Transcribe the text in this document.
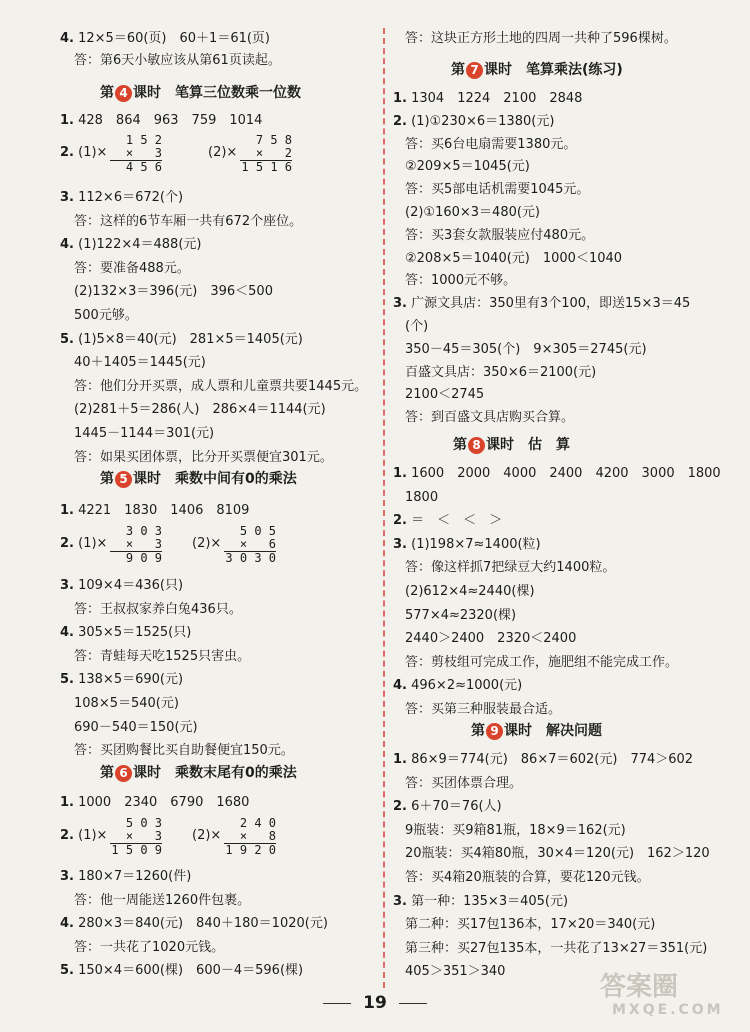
4. 12×5＝60(页)　60＋1＝61(页)
答：第6天小敏应该从第61页读起。
第 4 课时　笔算三位数乘一位数
1. 428　864　963　759　1014
2. (1)×
1 5 2
×   3
4 5 6
(2)×
7 5 8
×   2
1 5 1 6
3. 112×6＝672(个)
答：这样的6节车厢一共有672个座位。
4. (1)122×4＝488(元)
答：要准备488元。
(2)132×3＝396(元)　396＜500
500元够。
5. (1)5×8＝40(元)　281×5＝1405(元)
40＋1405＝1445(元)
答：他们分开买票，成人票和儿童票共要1445元。
(2)281＋5＝286(人)　286×4＝1144(元)
1445－1144＝301(元)
答：如果买团体票，比分开买票便宜301元。
第 5 课时　乘数中间有0的乘法
1. 4221　1830　1406　8109
2. (1)×
3 0 3
×   3
9 0 9
(2)×
5 0 5
×   6
3 0 3 0
3. 109×4＝436(只)
答：王叔叔家养白兔436只。
4. 305×5＝1525(只)
答：青蛙每天吃1525只害虫。
5. 138×5＝690(元)
108×5＝540(元)
690－540＝150(元)
答：买团购餐比买自助餐便宜150元。
第 6 课时　乘数末尾有0的乘法
1. 1000　2340　6790　1680
2. (1)×
5 0 3
×   3
1 5 0 9
(2)×
2 4 0
×   8
1 9 2 0
3. 180×7＝1260(件)
答：他一周能送1260件包裹。
4. 280×3＝840(元)　840＋180＝1020(元)
答：一共花了1020元钱。
5. 150×4＝600(棵)　600－4＝596(棵)
答：这块正方形土地的四周一共种了596棵树。
第 7 课时　笔算乘法(练习)
1. 1304　1224　2100　2848
2. (1)①230×6＝1380(元)
答：买6台电扇需要1380元。
②209×5＝1045(元)
答：买5部电话机需要1045元。
(2)①160×3＝480(元)
答：买3套女款服装应付480元。
②208×5＝1040(元)　1000＜1040
答：1000元不够。
3. 广源文具店：350里有3个100，即送15×3＝45
(个)
350－45＝305(个)　9×305＝2745(元)
百盛文具店：350×6＝2100(元)
2100＜2745
答：到百盛文具店购买合算。
第 8 课时　估　算
1. 1600　2000　4000　2400　4200　3000　1800
1800
2. ＝　＜　＜　＞
3. (1)198×7≈1400(粒)
答：像这样抓7把绿豆大约1400粒。
(2)612×4≈2440(棵)
577×4≈2320(棵)
2440＞2400　2320＜2400
答：剪枝组可完成工作，施肥组不能完成工作。
4. 496×2≈1000(元)
答：买第三种服装最合适。
第 9 课时　解决问题
1. 86×9＝774(元)　86×7＝602(元)　774＞602
答：买团体票合理。
2. 6＋70＝76(人)
9瓶装：买9箱81瓶，18×9＝162(元)
20瓶装：买4箱80瓶，30×4＝120(元)　162＞120
答：买4箱20瓶装的合算，要花120元钱。
3. 第一种：135×3＝405(元)
第二种：买17包136本，17×20＝340(元)
第三种：买27包135本，一共花了13×27＝351(元)
405＞351＞340
19
答案圈
MXQE.COM
